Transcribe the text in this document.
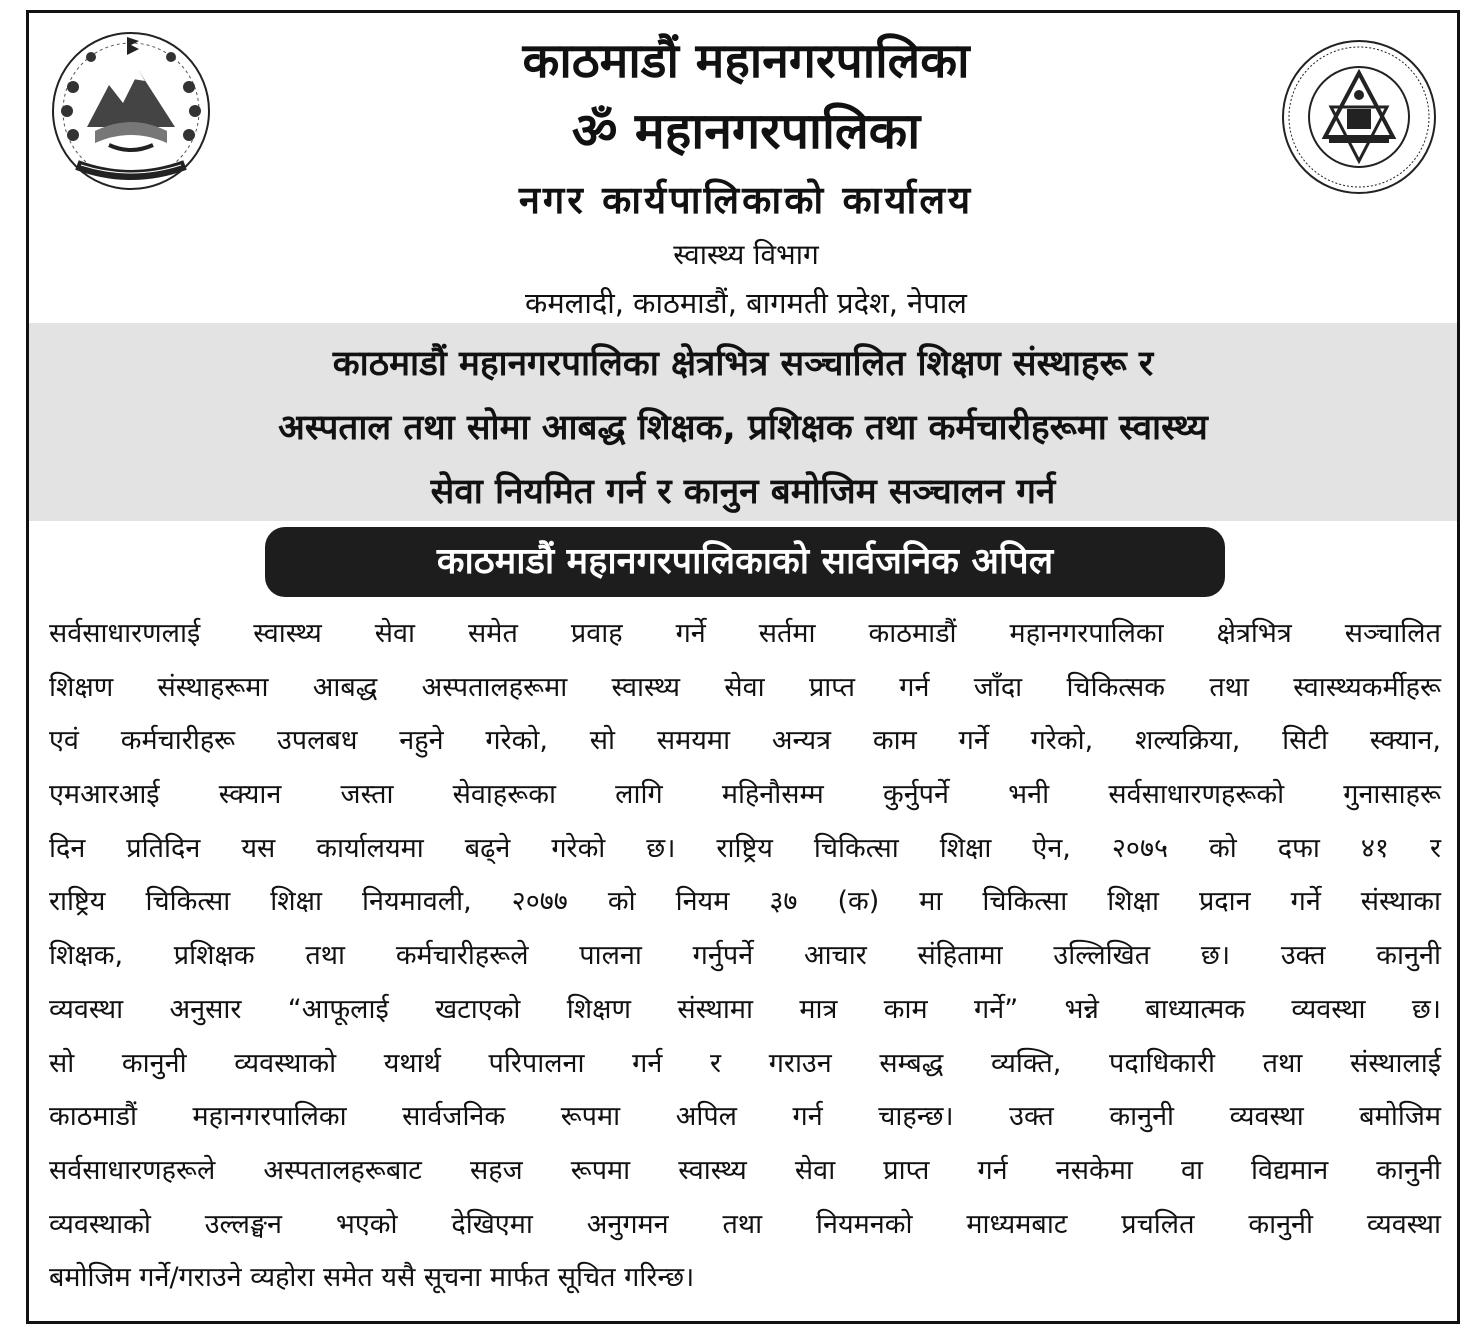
काठमाडौं महानगरपालिका

ॐ महानगरपालिका

नगर कार्यपालिकाको कार्यालय

स्वास्थ्य विभाग

कमलादी, काठमाडौं, बागमती प्रदेश, नेपाल

काठमाडौं महानगरपालिका क्षेत्रभित्र सञ्चालित शिक्षण संस्थाहरू र

अस्पताल तथा सोमा आबद्ध शिक्षक, प्रशिक्षक तथा कर्मचारीहरूमा स्वास्थ्य

सेवा नियमित गर्न र कानुन बमोजिम सञ्चालन गर्न

काठमाडौं महानगरपालिकाको सार्वजनिक अपिल
सर्वसाधारणलाई स्वास्थ्य सेवा समेत प्रवाह गर्ने सर्तमा काठमाडौं महानगरपालिका क्षेत्रभित्र सञ्चालित
शिक्षण संस्थाहरूमा आबद्ध अस्पतालहरूमा स्वास्थ्य सेवा प्राप्त गर्न जाँदा चिकित्सक तथा स्वास्थ्यकर्मीहरू
एवं कर्मचारीहरू उपलबध नहुने गरेको, सो समयमा अन्यत्र काम गर्ने गरेको, शल्यक्रिया, सिटी स्क्यान,
एमआरआई स्क्यान जस्ता सेवाहरूका लागि महिनौसम्म कुर्नुपर्ने भनी सर्वसाधारणहरूको गुनासाहरू
दिन प्रतिदिन यस कार्यालयमा बढ्ने गरेको छ। राष्ट्रिय चिकित्सा शिक्षा ऐन, २०७५ को दफा ४१ र
राष्ट्रिय चिकित्सा शिक्षा नियमावली, २०७७ को नियम ३७ (क) मा चिकित्सा शिक्षा प्रदान गर्ने संस्थाका
शिक्षक, प्रशिक्षक तथा कर्मचारीहरूले पालना गर्नुपर्ने आचार संहितामा उल्लिखित छ। उक्त कानुनी
व्यवस्था अनुसार “आफूलाई खटाएको शिक्षण संस्थामा मात्र काम गर्ने” भन्ने बाध्यात्मक व्यवस्था छ।
सो कानुनी व्यवस्थाको यथार्थ परिपालना गर्न र गराउन सम्बद्ध व्यक्ति, पदाधिकारी तथा संस्थालाई
काठमाडौं महानगरपालिका सार्वजनिक रूपमा अपिल गर्न चाहन्छ। उक्त कानुनी व्यवस्था बमोजिम
सर्वसाधारणहरूले अस्पतालहरूबाट सहज रूपमा स्वास्थ्य सेवा प्राप्त गर्न नसकेमा वा विद्यमान कानुनी
व्यवस्थाको उल्लङ्घन भएको देखिएमा अनुगमन तथा नियमनको माध्यमबाट प्रचलित कानुनी व्यवस्था
बमोजिम गर्ने/गराउने व्यहोरा समेत यसै सूचना मार्फत सूचित गरिन्छ।
